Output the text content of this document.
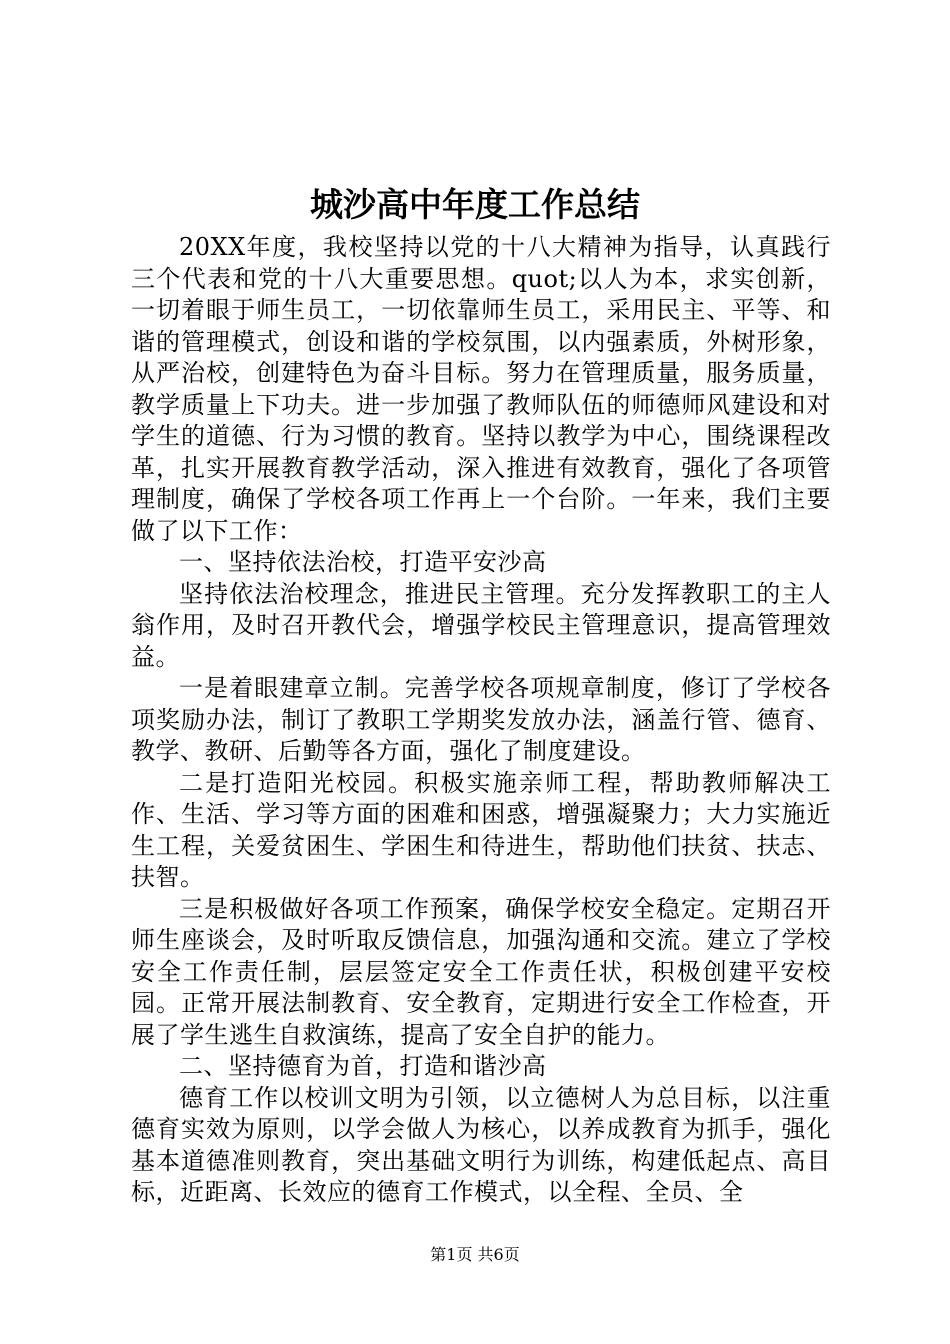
城沙高中年度工作总结

20XX年度，我校坚持以党的十八大精神为指导，认真践行三个代表和党的十八大重要思想。quot;以人为本，求实创新，一切着眼于师生员工，一切依靠师生员工，采用民主、平等、和谐的管理模式，创设和谐的学校氛围，以内强素质，外树形象，从严治校，创建特色为奋斗目标。努力在管理质量，服务质量，教学质量上下功夫。进一步加强了教师队伍的师德师风建设和对学生的道德、行为习惯的教育。坚持以教学为中心，围绕课程改革，扎实开展教育教学活动，深入推进有效教育，强化了各项管理制度，确保了学校各项工作再上一个台阶。一年来，我们主要做了以下工作：

一、坚持依法治校，打造平安沙高

坚持依法治校理念，推进民主管理。充分发挥教职工的主人翁作用，及时召开教代会，增强学校民主管理意识，提高管理效益。

一是着眼建章立制。完善学校各项规章制度，修订了学校各项奖励办法，制订了教职工学期奖发放办法，涵盖行管、德育、教学、教研、后勤等各方面，强化了制度建设。

二是打造阳光校园。积极实施亲师工程，帮助教师解决工作、生活、学习等方面的困难和困惑，增强凝聚力；大力实施近生工程，关爱贫困生、学困生和待进生，帮助他们扶贫、扶志、扶智。

三是积极做好各项工作预案，确保学校安全稳定。定期召开师生座谈会，及时听取反馈信息，加强沟通和交流。建立了学校安全工作责任制，层层签定安全工作责任状，积极创建平安校园。正常开展法制教育、安全教育，定期进行安全工作检查，开展了学生逃生自救演练，提高了安全自护的能力。

二、坚持德育为首，打造和谐沙高

德育工作以校训文明为引领，以立德树人为总目标，以注重德育实效为原则，以学会做人为核心，以养成教育为抓手，强化基本道德准则教育，突出基础文明行为训练，构建低起点、高目标，近距离、长效应的德育工作模式，以全程、全员、全

第1页 共6页
